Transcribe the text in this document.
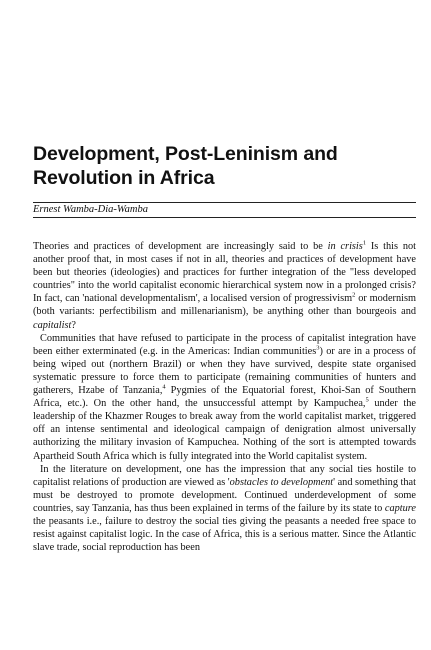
Development, Post-Leninism and
Revolution in Africa
Ernest Wamba-Dia-Wamba

Theories and practices of development are increasingly said to be in crisis$^1$ Is this not another proof that, in most cases if not in all, theories and practices of development have been but theories (ideologies) and practices for further integration of the "less developed countries" into the world capitalist economic hierarchical system now in a prolonged crisis? In fact, can 'national developmentalism', a localised version of progressivism$^2$ or modernism (both variants: perfectibilism and millenarianism), be anything other than bourgeois and capitalist?

Communities that have refused to participate in the process of capitalist integration have been either exterminated (e.g. in the Americas: Indian communities$^3$) or are in a process of being wiped out (northern Brazil) or when they have survived, despite state organised systematic pressure to force them to participate (remaining communities of hunters and gatherers, Hzabe of Tanzania,$^4$ Pygmies of the Equatorial forest, Khoi-San of Southern Africa, etc.). On the other hand, the unsuccessful attempt by Kampuchea,$^5$ under the leadership of the Khazmer Rouges to break away from the world capitalist market, triggered off an intense sentimental and ideological campaign of denigration almost universally authorizing the military invasion of Kampuchea. Nothing of the sort is attempted towards Apartheid South Africa which is fully integrated into the World capitalist system.

In the literature on development, one has the impression that any social ties hostile to capitalist relations of production are viewed as 'obstacles to development' and something that must be destroyed to promote development. Continued underdevelopment of some countries, say Tanzania, has thus been explained in terms of the failure by its state to capture the peasants i.e., failure to destroy the social ties giving the peasants a needed free space to resist against capitalist logic. In the case of Africa, this is a serious matter. Since the Atlantic slave trade, social reproduction has been
